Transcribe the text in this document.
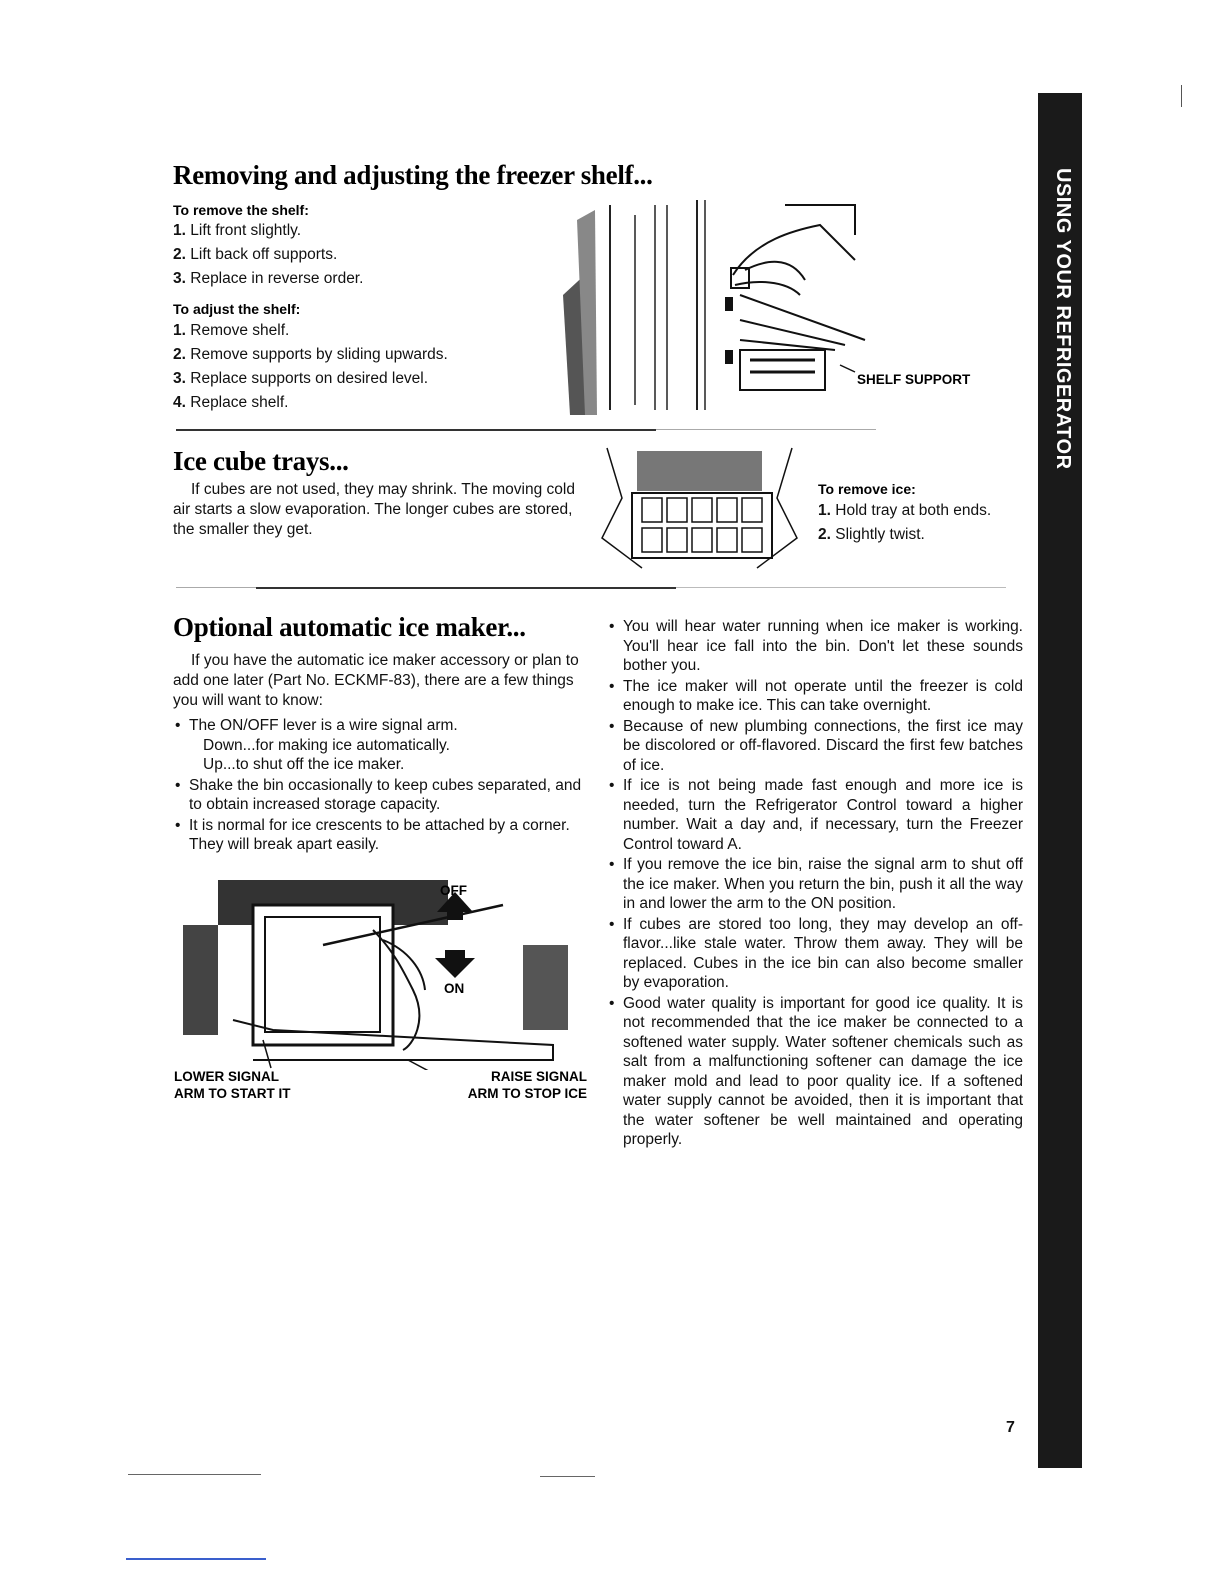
USING YOUR REFRIGERATOR
Removing and adjusting the freezer shelf...
To remove the shelf:
1. Lift front slightly.
2. Lift back off supports.
3. Replace in reverse order.
To adjust the shelf:
1. Remove shelf.
2. Remove supports by sliding upwards.
3. Replace supports on desired level.
4. Replace shelf.
SHELF SUPPORT
Ice cube trays...

If cubes are not used, they may shrink. The moving cold air starts a slow evaporation. The longer cubes are stored, the smaller they get.

To remove ice:
1. Hold tray at both ends.
2. Slightly twist.
Optional automatic ice maker...

If you have the automatic ice maker accessory or plan to add one later (Part No. ECKMF-83), there are a few things you will want to know:

• The ON/OFF lever is a wire signal arm.
Down...for making ice automatically.
Up...to shut off the ice maker.
• Shake the bin occasionally to keep cubes separated, and to obtain increased storage capacity.
• It is normal for ice crescents to be attached by a corner. They will break apart easily.
OFF
ON
LOWER SIGNAL
ARM TO START IT
RAISE SIGNAL
ARM TO STOP ICE
• You will hear water running when ice maker is working. You'll hear ice fall into the bin. Don't let these sounds bother you.
• The ice maker will not operate until the freezer is cold enough to make ice. This can take overnight.
• Because of new plumbing connections, the first ice may be discolored or off-flavored. Discard the first few batches of ice.
• If ice is not being made fast enough and more ice is needed, turn the Refrigerator Control toward a higher number. Wait a day and, if necessary, turn the Freezer Control toward A.
• If you remove the ice bin, raise the signal arm to shut off the ice maker. When you return the bin, push it all the way in and lower the arm to the ON position.
• If cubes are stored too long, they may develop an off-flavor...like stale water. Throw them away. They will be replaced. Cubes in the ice bin can also become smaller by evaporation.
• Good water quality is important for good ice quality. It is not recommended that the ice maker be connected to a softened water supply. Water softener chemicals such as salt from a malfunctioning softener can damage the ice maker mold and lead to poor quality ice. If a softened water supply cannot be avoided, then it is important that the water softener be well maintained and operating properly.
7
